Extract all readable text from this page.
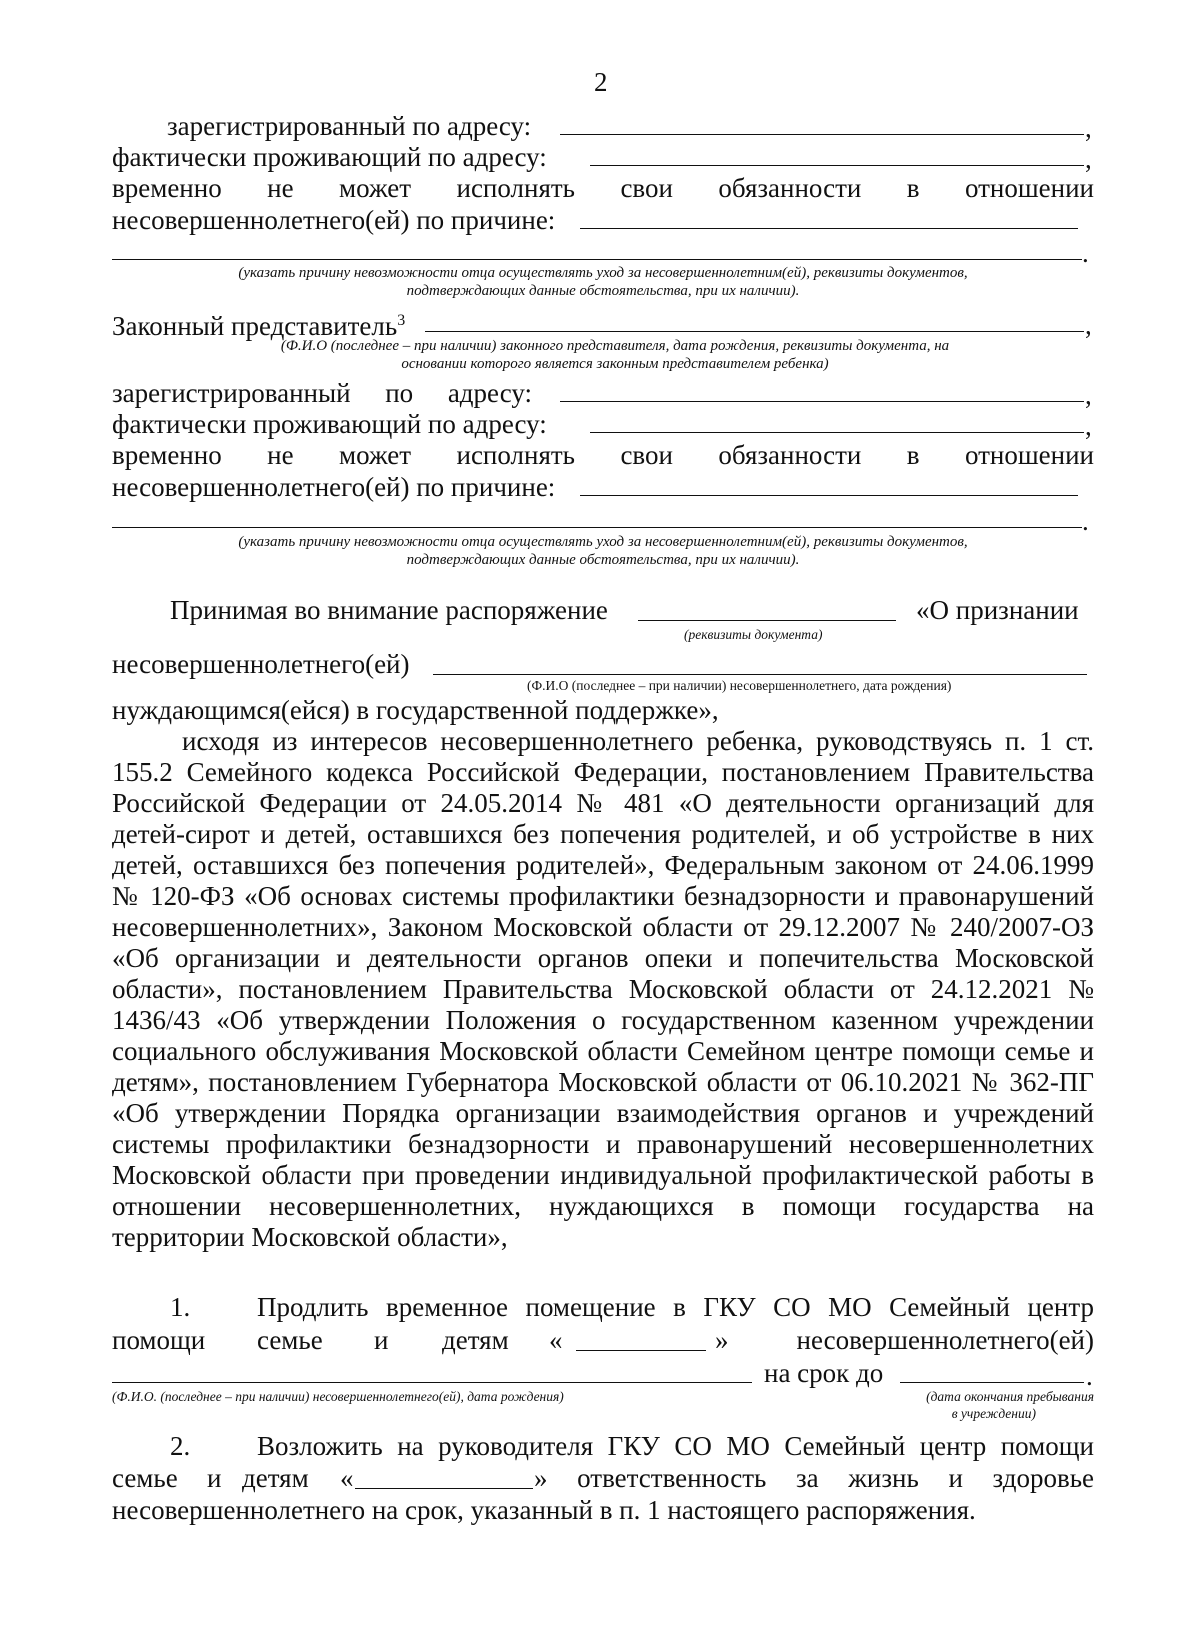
2
зарегистрированный по адресу:	,
фактически проживающий по адресу:	,
временно не может исполнять свои обязанности в отношении
несовершеннолетнего(ей) по причине:
.
(указать причину невозможности отца осуществлять уход за несовершеннолетним(ей), реквизиты документов,
подтверждающих данные обстоятельства, при их наличии).
Законный представитель$^3$	,
(Ф.И.О (последнее – при наличии) законного представителя, дата рождения, реквизиты документа, на
основании которого является законным представителем ребенка)
зарегистрированный по адресу:	,
фактически проживающий по адресу:	,
временно не может исполнять свои обязанности в отношении
несовершеннолетнего(ей) по причине:
.
(указать причину невозможности отца осуществлять уход за несовершеннолетним(ей), реквизиты документов,
подтверждающих данные обстоятельства, при их наличии).
Принимая во внимание распоряжение	«О признании
(реквизиты документа)
несовершеннолетнего(ей)
(Ф.И.О (последнее – при наличии) несовершеннолетнего, дата рождения)
нуждающимся(ейся) в государственной поддержке»,
исходя из интересов несовершеннолетнего ребенка, руководствуясь п. 1 ст. 155.2 Семейного кодекса Российской Федерации, постановлением Правительства Российской Федерации от 24.05.2014 № 481 «О деятельности организаций для детей-сирот и детей, оставшихся без попечения родителей, и об устройстве в них детей, оставшихся без попечения родителей», Федеральным законом от 24.06.1999 № 120-ФЗ «Об основах системы профилактики безнадзорности и правонарушений несовершеннолетних», Законом Московской области от 29.12.2007 № 240/2007-ОЗ «Об организации и деятельности органов опеки и попечительства Московской области», постановлением Правительства Московской области от 24.12.2021 № 1436/43 «Об утверждении Положения о государственном казенном учреждении социального обслуживания Московской области Семейном центре помощи семье и детям», постановлением Губернатора Московской области от 06.10.2021 № 362-ПГ «Об утверждении Порядка организации взаимодействия органов и учреждений системы профилактики безнадзорности и правонарушений несовершеннолетних Московской области при проведении индивидуальной профилактической работы в отношении несовершеннолетних, нуждающихся в помощи государства на территории Московской области»,
1. Продлить временное помещение в ГКУ СО МО Семейный центр
помощи семье и детям «	»	несовершеннолетнего(ей)
на срок до	.
(Ф.И.О. (последнее – при наличии) несовершеннолетнего(ей), дата рождения)	(дата окончания пребывания
в учреждении)
2. Возложить на руководителя ГКУ СО МО Семейный центр помощи
семье и детям «	» ответственность за жизнь и здоровье
несовершеннолетнего на срок, указанный в п. 1 настоящего распоряжения.
